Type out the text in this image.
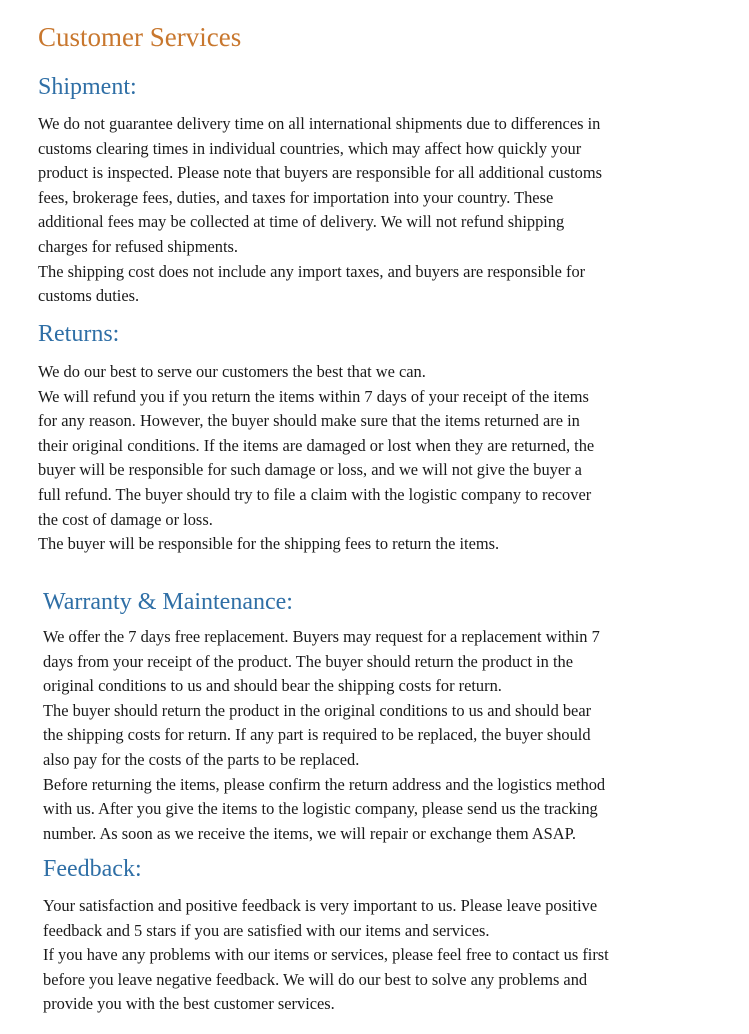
Customer Services
Shipment:
We do not guarantee delivery time on all international shipments due to differences in
customs clearing times in individual countries, which may affect how quickly your
product is inspected. Please note that buyers are responsible for all additional customs
fees, brokerage fees, duties, and taxes for importation into your country. These
additional fees may be collected at time of delivery. We will not refund shipping
charges for refused shipments.
The shipping cost does not include any import taxes, and buyers are responsible for
customs duties.
Returns:
We do our best to serve our customers the best that we can.
We will refund you if you return the items within 7 days of your receipt of the items
for any reason. However, the buyer should make sure that the items returned are in
their original conditions. If the items are damaged or lost when they are returned, the
buyer will be responsible for such damage or loss, and we will not give the buyer a
full refund. The buyer should try to file a claim with the logistic company to recover
the cost of damage or loss.
The buyer will be responsible for the shipping fees to return the items.
Warranty & Maintenance:
We offer the 7 days free replacement. Buyers may request for a replacement within 7
days from your receipt of the product. The buyer should return the product in the
original conditions to us and should bear the shipping costs for return.
The buyer should return the product in the original conditions to us and should bear
the shipping costs for return. If any part is required to be replaced, the buyer should
also pay for the costs of the parts to be replaced.
Before returning the items, please confirm the return address and the logistics method
with us. After you give the items to the logistic company, please send us the tracking
number. As soon as we receive the items, we will repair or exchange them ASAP.
Feedback:
Your satisfaction and positive feedback is very important to us. Please leave positive
feedback and 5 stars if you are satisfied with our items and services.
If you have any problems with our items or services, please feel free to contact us first
before you leave negative feedback. We will do our best to solve any problems and
provide you with the best customer services.
